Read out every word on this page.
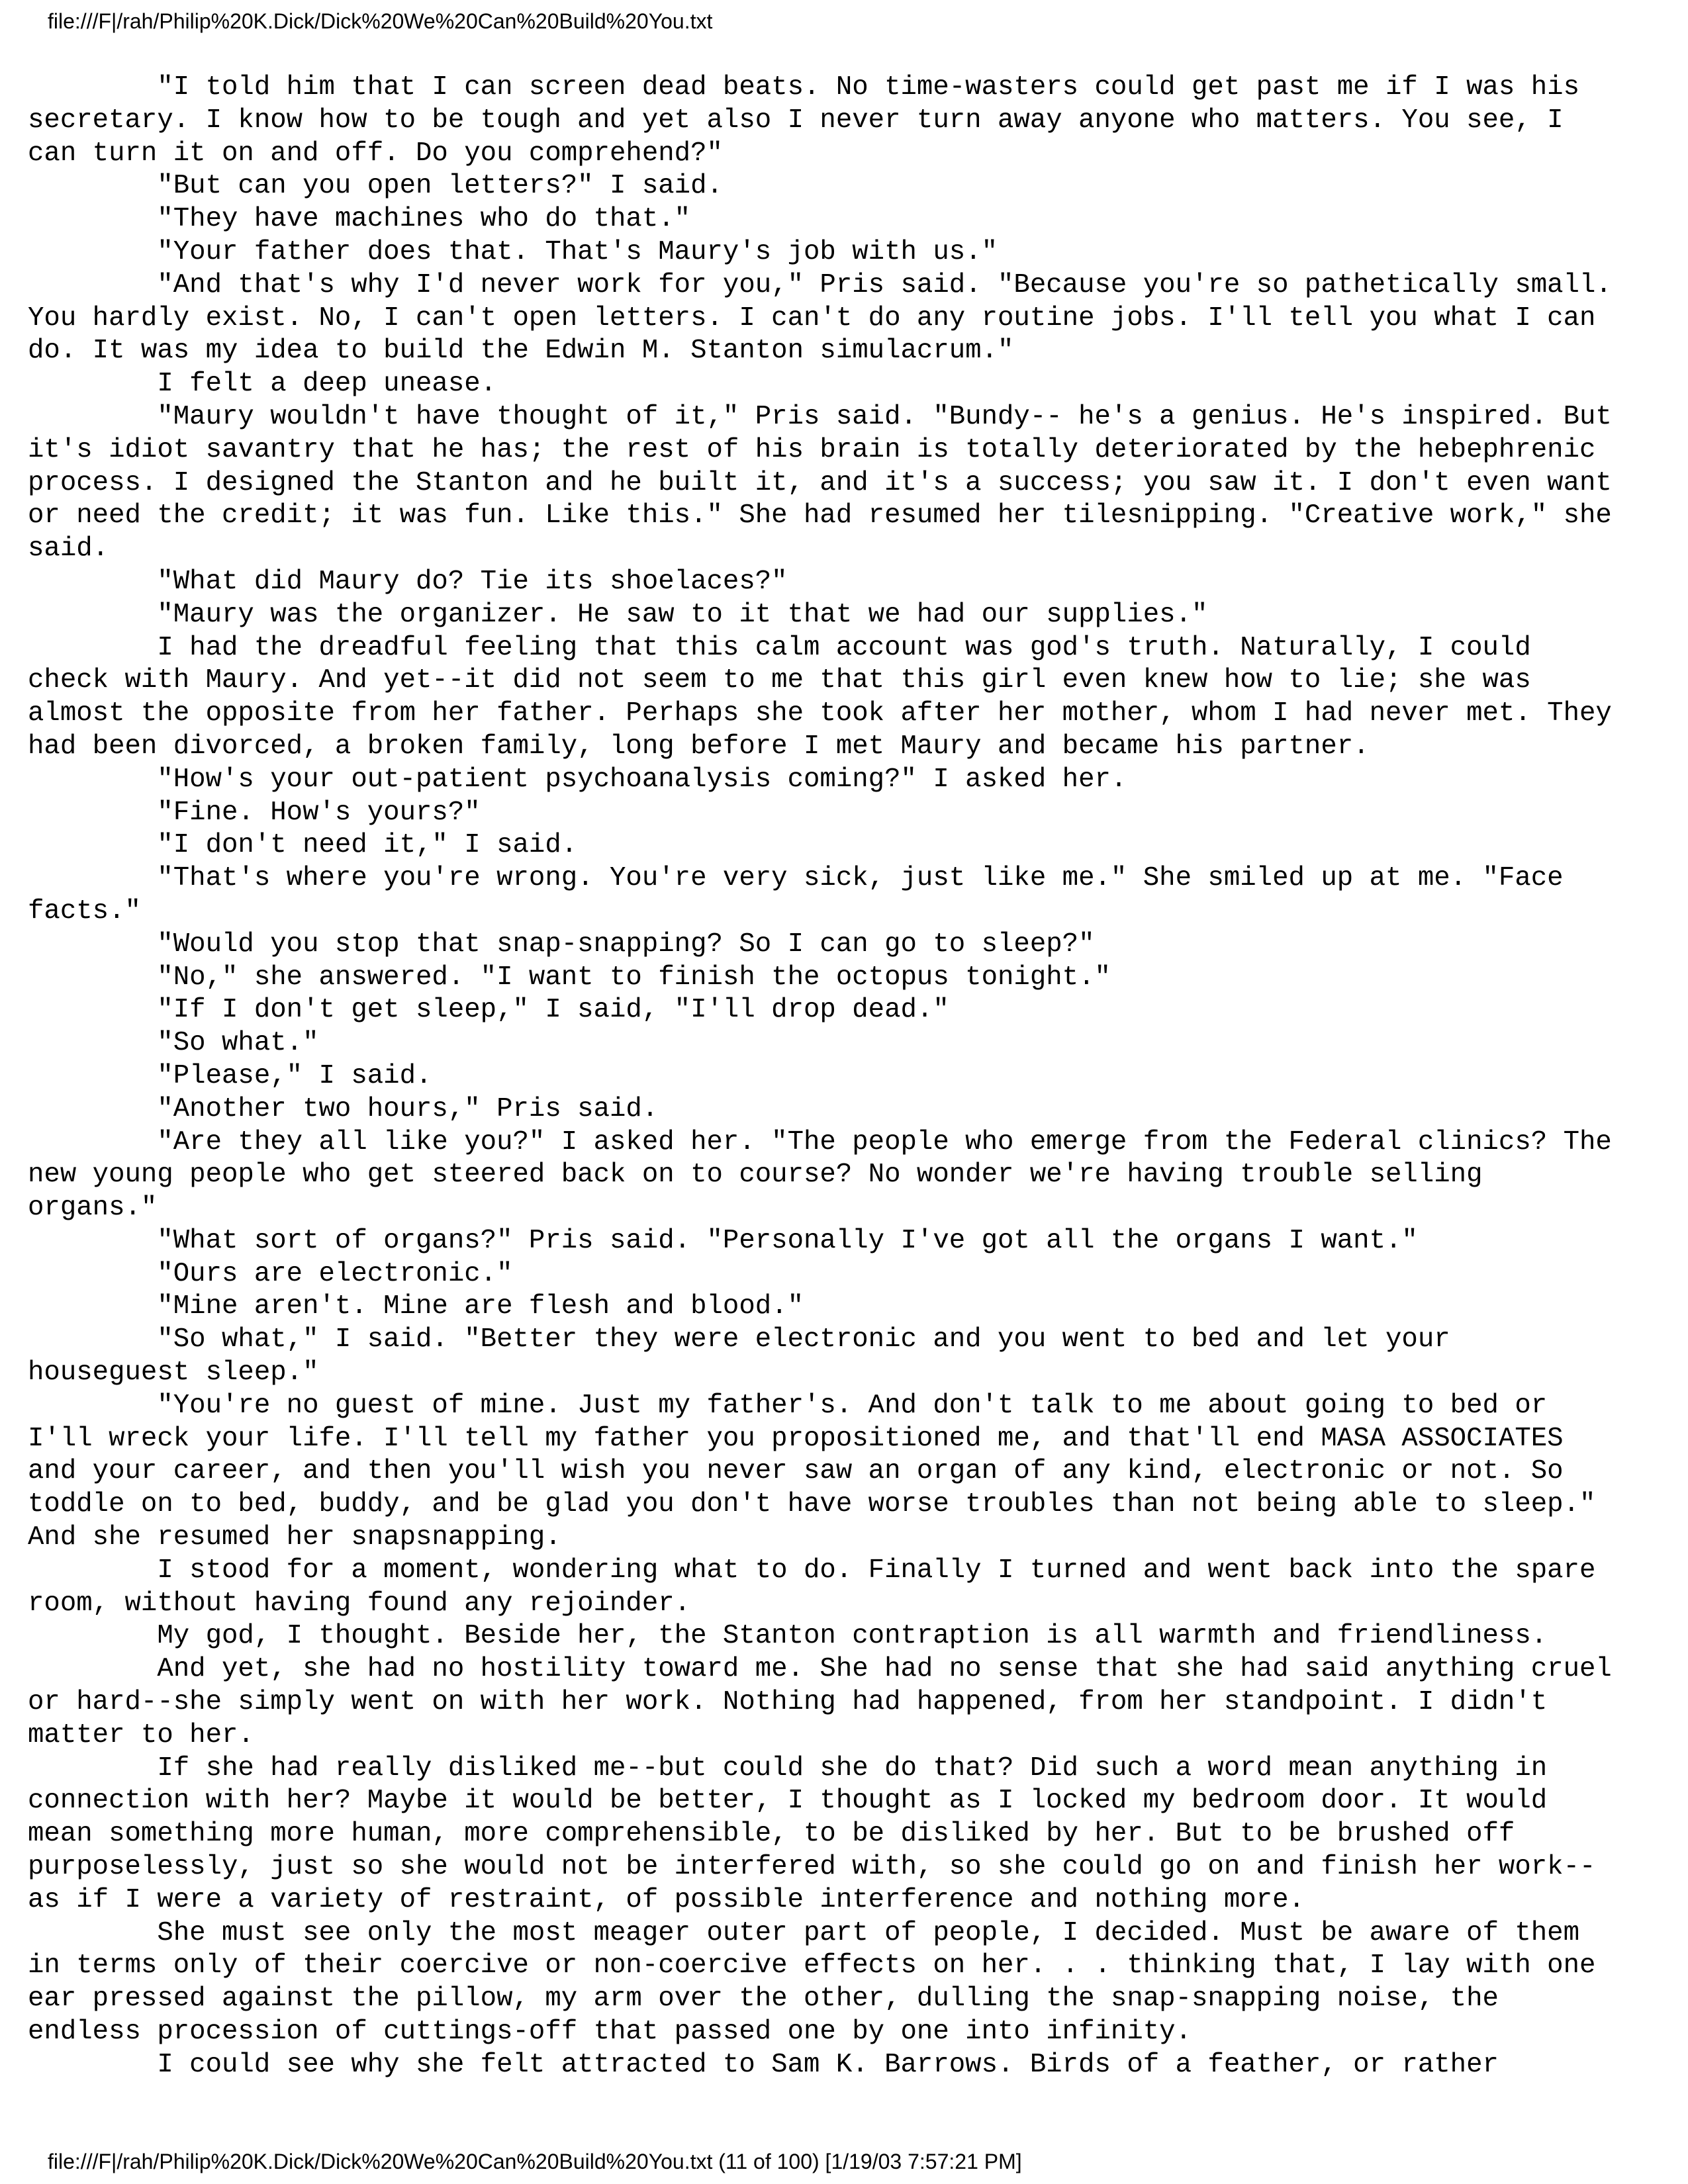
file:///F|/rah/Philip%20K.Dick/Dick%20We%20Can%20Build%20You.txt

"I told him that I can screen dead beats. No time-wasters could get past me if I was his

secretary. I know how to be tough and yet also I never turn away anyone who matters. You see, I

can turn it on and off. Do you comprehend?"

"But can you open letters?" I said.

"They have machines who do that."

"Your father does that. That's Maury's job with us."

"And that's why I'd never work for you," Pris said. "Because you're so pathetically small.

You hardly exist. No, I can't open letters. I can't do any routine jobs. I'll tell you what I can

do. It was my idea to build the Edwin M. Stanton simulacrum."

I felt a deep unease.

"Maury wouldn't have thought of it," Pris said. "Bundy-- he's a genius. He's inspired. But

it's idiot savantry that he has; the rest of his brain is totally deteriorated by the hebephrenic

process. I designed the Stanton and he built it, and it's a success; you saw it. I don't even want

or need the credit; it was fun. Like this." She had resumed her tilesnipping. "Creative work," she

said.

"What did Maury do? Tie its shoelaces?"

"Maury was the organizer. He saw to it that we had our supplies."

I had the dreadful feeling that this calm account was god's truth. Naturally, I could

check with Maury. And yet--it did not seem to me that this girl even knew how to lie; she was

almost the opposite from her father. Perhaps she took after her mother, whom I had never met. They

had been divorced, a broken family, long before I met Maury and became his partner.

"How's your out-patient psychoanalysis coming?" I asked her.

"Fine. How's yours?"

"I don't need it," I said.

"That's where you're wrong. You're very sick, just like me." She smiled up at me. "Face

facts."

"Would you stop that snap-snapping? So I can go to sleep?"

"No," she answered. "I want to finish the octopus tonight."

"If I don't get sleep," I said, "I'll drop dead."

"So what."

"Please," I said.

"Another two hours," Pris said.

"Are they all like you?" I asked her. "The people who emerge from the Federal clinics? The

new young people who get steered back on to course? No wonder we're having trouble selling

organs."

"What sort of organs?" Pris said. "Personally I've got all the organs I want."

"Ours are electronic."

"Mine aren't. Mine are flesh and blood."

"So what," I said. "Better they were electronic and you went to bed and let your

houseguest sleep."

"You're no guest of mine. Just my father's. And don't talk to me about going to bed or

I'll wreck your life. I'll tell my father you propositioned me, and that'll end MASA ASSOCIATES

and your career, and then you'll wish you never saw an organ of any kind, electronic or not. So

toddle on to bed, buddy, and be glad you don't have worse troubles than not being able to sleep."

And she resumed her snapsnapping.

I stood for a moment, wondering what to do. Finally I turned and went back into the spare

room, without having found any rejoinder.

My god, I thought. Beside her, the Stanton contraption is all warmth and friendliness.

And yet, she had no hostility toward me. She had no sense that she had said anything cruel

or hard--she simply went on with her work. Nothing had happened, from her standpoint. I didn't

matter to her.

If she had really disliked me--but could she do that? Did such a word mean anything in

connection with her? Maybe it would be better, I thought as I locked my bedroom door. It would

mean something more human, more comprehensible, to be disliked by her. But to be brushed off

purposelessly, just so she would not be interfered with, so she could go on and finish her work--

as if I were a variety of restraint, of possible interference and nothing more.

She must see only the most meager outer part of people, I decided. Must be aware of them

in terms only of their coercive or non-coercive effects on her. . . thinking that, I lay with one

ear pressed against the pillow, my arm over the other, dulling the snap-snapping noise, the

endless procession of cuttings-off that passed one by one into infinity.

I could see why she felt attracted to Sam K. Barrows. Birds of a feather, or rather

file:///F|/rah/Philip%20K.Dick/Dick%20We%20Can%20Build%20You.txt (11 of 100) [1/19/03 7:57:21 PM]
